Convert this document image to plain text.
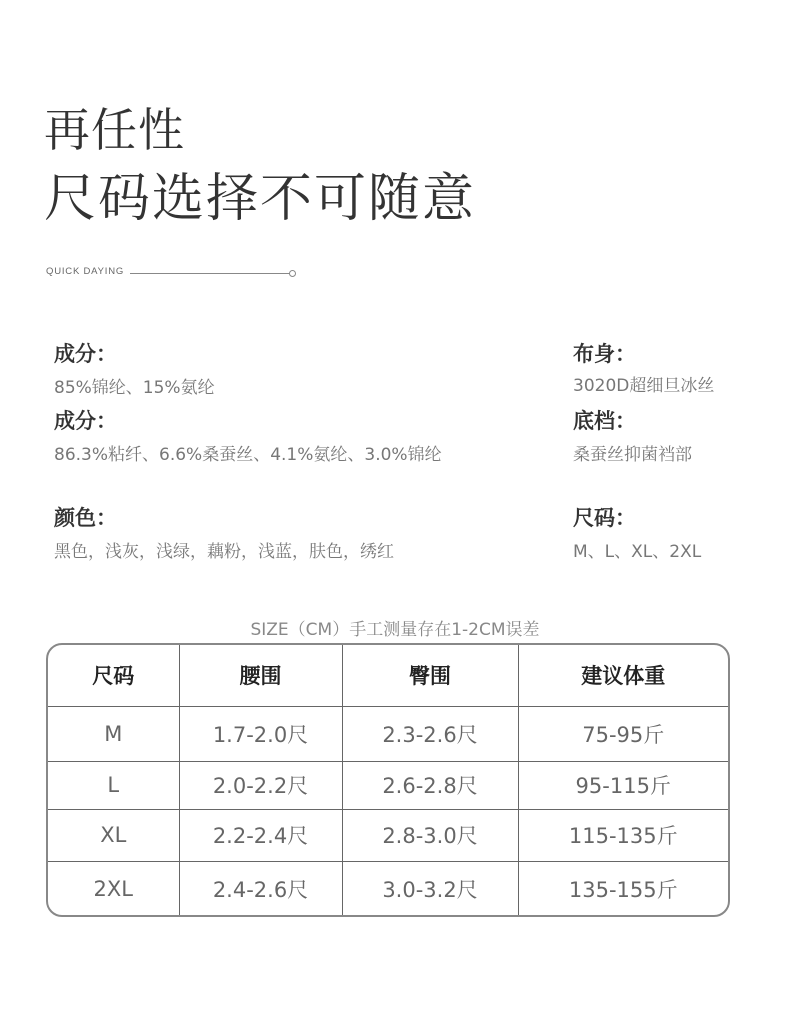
再任性
尺码选择不可随意
QUICK DAYING
成分：
85%锦纶、15%氨纶
成分：
86.3%粘纤、6.6%桑蚕丝、4.1%氨纶、3.0%锦纶
布身：
3020D超细旦冰丝
底档：
桑蚕丝抑菌裆部
颜色：
黑色，浅灰，浅绿，藕粉，浅蓝，肤色，绣红
尺码：
M、L、XL、2XL
SIZE（CM）手工测量存在1-2CM误差
尺码	腰围	臀围	建议体重
M	1.7-2.0尺	2.3-2.6尺	75-95斤
L	2.0-2.2尺	2.6-2.8尺	95-115斤
XL	2.2-2.4尺	2.8-3.0尺	115-135斤
2XL	2.4-2.6尺	3.0-3.2尺	135-155斤
